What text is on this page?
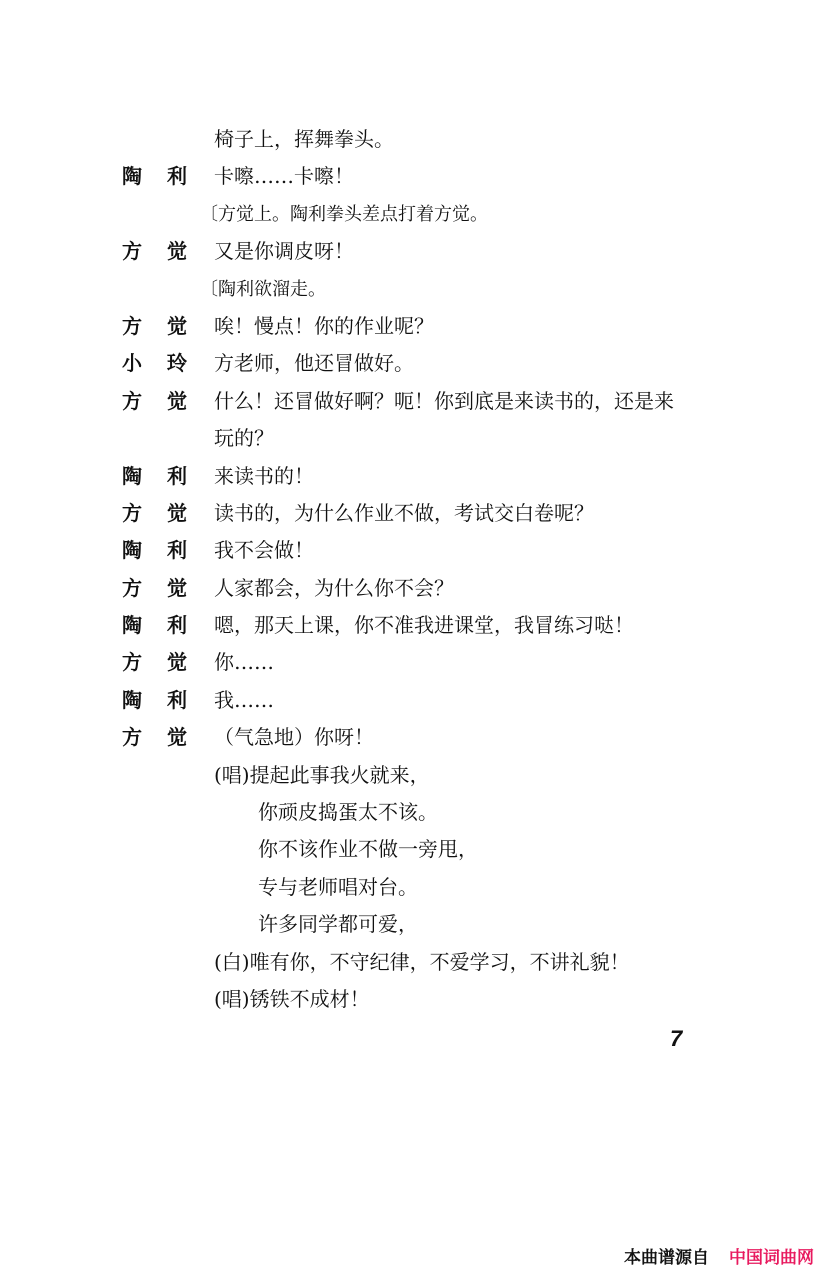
椅子上，挥舞拳头。
陶 利 卡嚓……卡嚓！
〔方觉上。陶利拳头差点打着方觉。
方 觉 又是你调皮呀！
〔陶利欲溜走。
方 觉 唉！慢点！你的作业呢？
小 玲 方老师，他还冒做好。
方 觉 什么！还冒做好啊？呃！你到底是来读书的，还是来
玩的？
陶 利 来读书的！
方 觉 读书的，为什么作业不做，考试交白卷呢？
陶 利 我不会做！
方 觉 人家都会，为什么你不会？
陶 利 嗯，那天上课，你不准我进课堂，我冒练习哒！
方 觉 你……
陶 利 我……
方 觉 （气急地）你呀！
(唱)提起此事我火就来，
你顽皮捣蛋太不该。
你不该作业不做一旁甩，
专与老师唱对台。
许多同学都可爱，
(白)唯有你，不守纪律，不爱学习，不讲礼貌！
(唱)锈铁不成材！
7
本曲谱源自 中国词曲网
